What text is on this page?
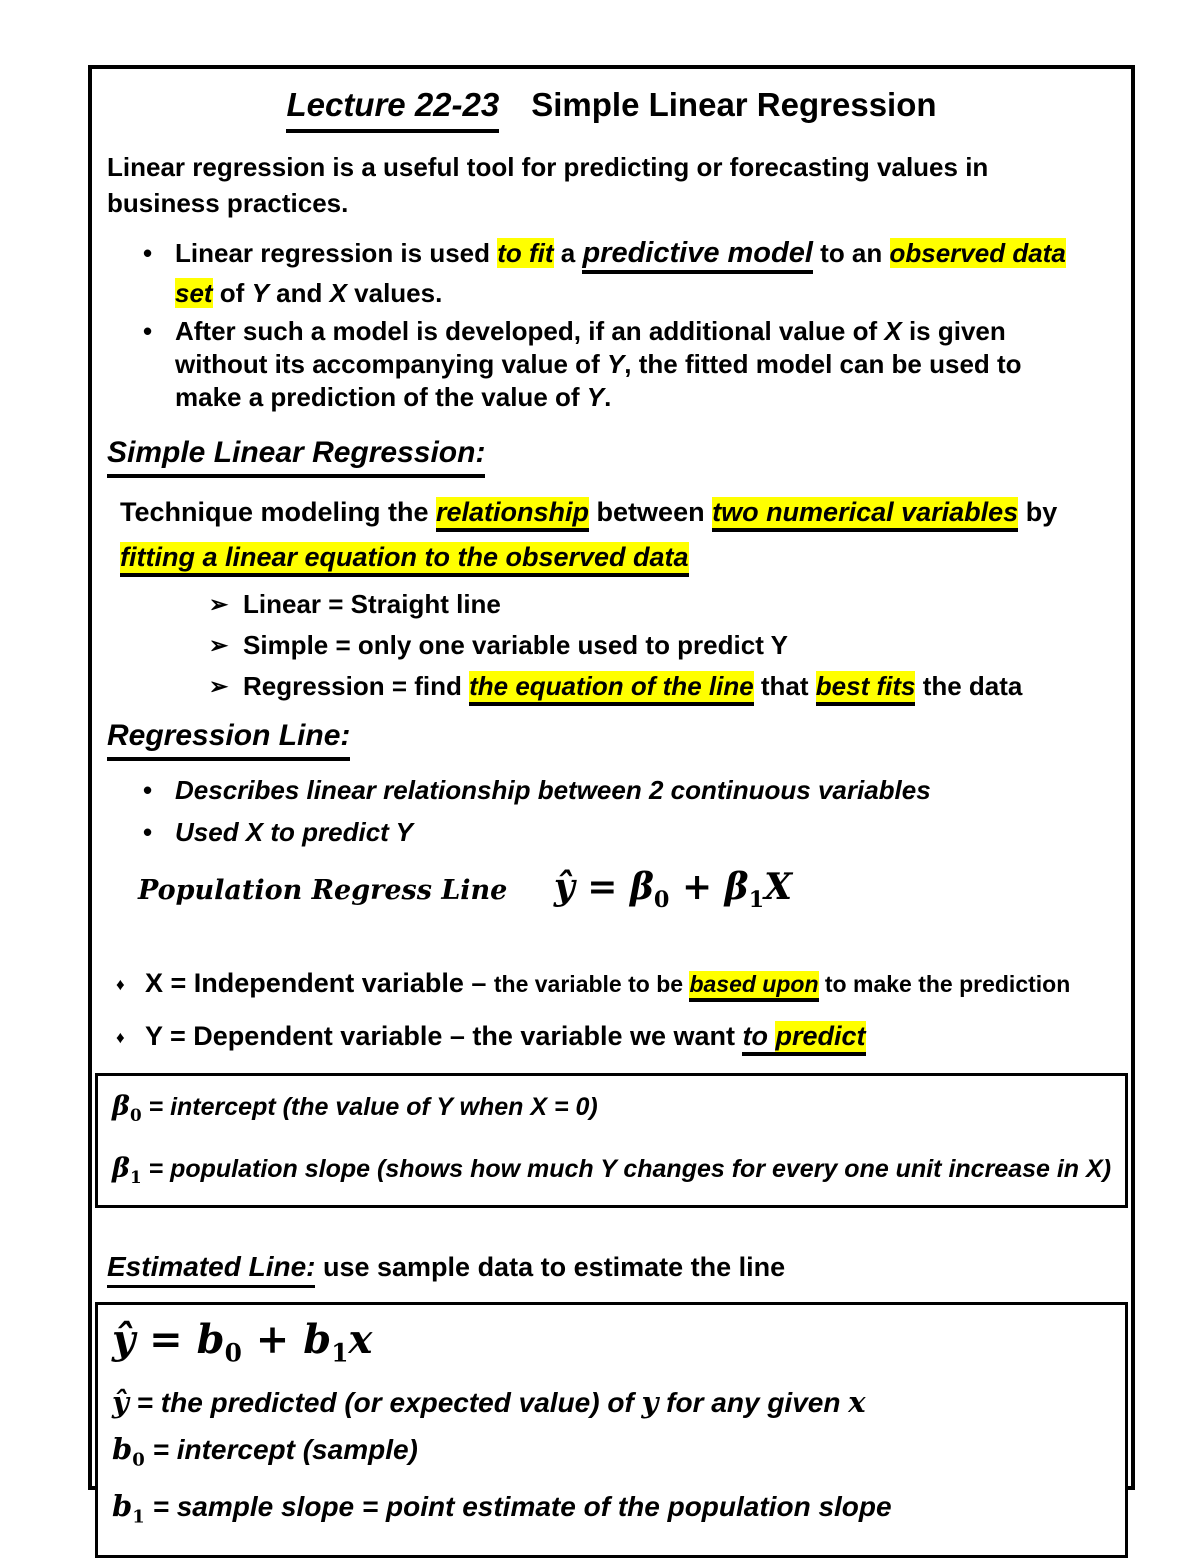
Lecture 22-23 Simple Linear Regression

Linear regression is a useful tool for predicting or forecasting values in
business practices.

• Linear regression is used to fit a predictive model to an observed data
set of Y and X values.
• After such a model is developed, if an additional value of X is given
without its accompanying value of Y, the fitted model can be used to
make a prediction of the value of Y.
Simple Linear Regression:

Technique modeling the relationship between two numerical variables by
fitting a linear equation to the observed data

➢ Linear = Straight line
➢ Simple = only one variable used to predict Y
➢ Regression = find the equation of the line that best fits the data
Regression Line:
• Describes linear relationship between 2 continuous variables
• Used X to predict Y

Population Regress Line ŷ = $\beta_0 + \beta_1X$

♦ X = Independent variable – the variable to be based upon to make the prediction
♦ Y = Dependent variable – the variable we want to predict

$\beta_0$ = intercept (the value of Y when X = 0)

$\beta_1$ = population slope (shows how much Y changes for every one unit increase in X)

Estimated Line: use sample data to estimate the line

ŷ = $b_0 + b_1x$

ŷ = the predicted (or expected value) of y for any given x

$b_0$ = intercept (sample)

$b_1$ = sample slope = point estimate of the population slope
